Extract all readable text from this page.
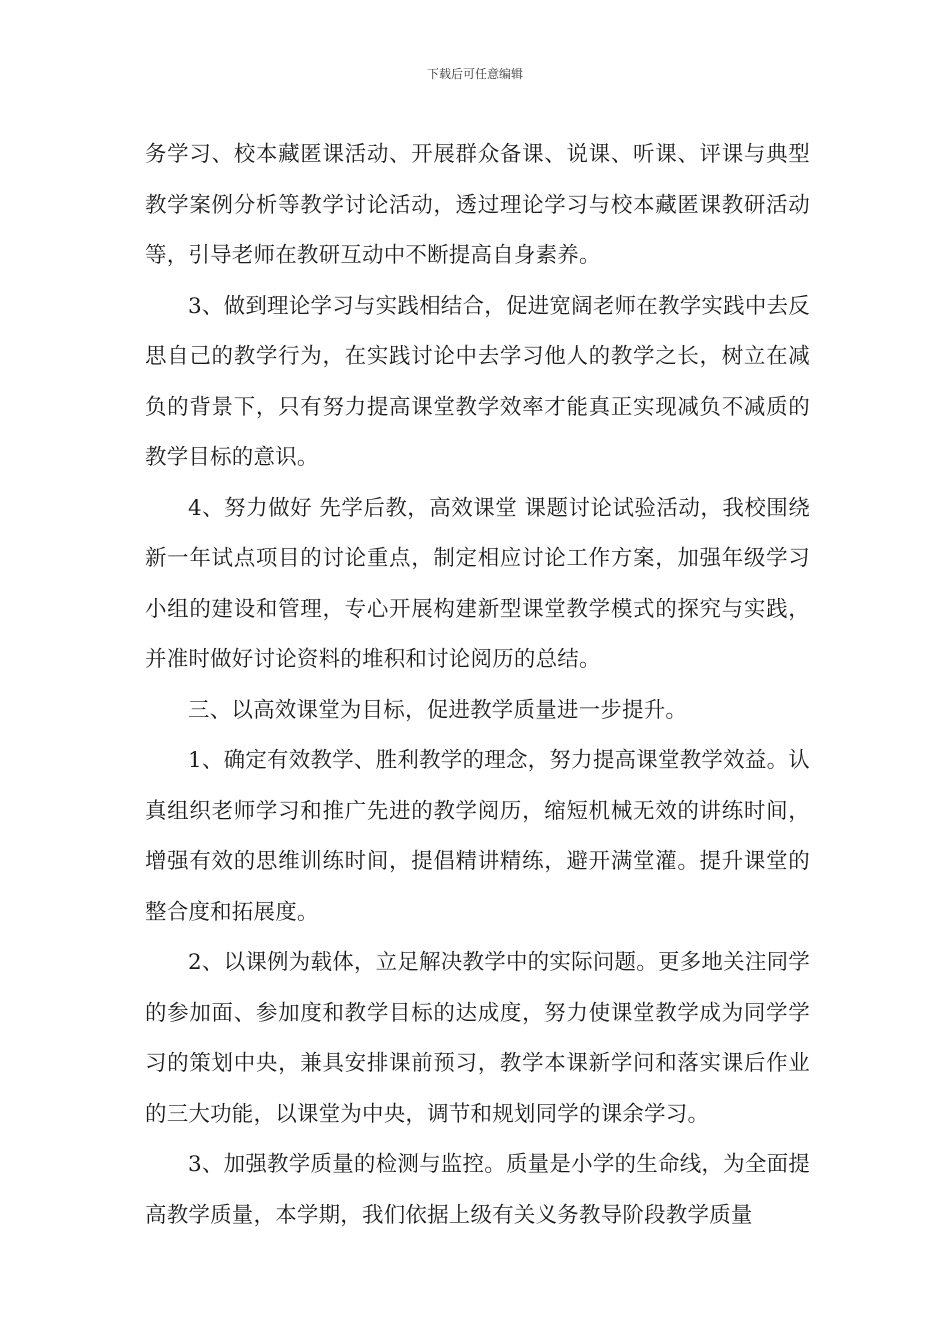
下载后可任意编辑

务学习、校本藏匿课活动、开展群众备课、说课、听课、评课与典型教学案例分析等教学讨论活动，透过理论学习与校本藏匿课教研活动等，引导老师在教研互动中不断提高自身素养。

3、做到理论学习与实践相结合，促进宽阔老师在教学实践中去反思自己的教学行为，在实践讨论中去学习他人的教学之长，树立在减负的背景下，只有努力提高课堂教学效率才能真正实现减负不减质的教学目标的意识。

4、努力做好 先学后教，高效课堂 课题讨论试验活动，我校围绕新一年试点项目的讨论重点，制定相应讨论工作方案，加强年级学习小组的建设和管理，专心开展构建新型课堂教学模式的探究与实践，并准时做好讨论资料的堆积和讨论阅历的总结。

三、以高效课堂为目标，促进教学质量进一步提升。

1、确定有效教学、胜利教学的理念，努力提高课堂教学效益。认真组织老师学习和推广先进的教学阅历，缩短机械无效的讲练时间，增强有效的思维训练时间，提倡精讲精练，避开满堂灌。提升课堂的整合度和拓展度。

2、以课例为载体，立足解决教学中的实际问题。更多地关注同学的参加面、参加度和教学目标的达成度，努力使课堂教学成为同学学习的策划中央，兼具安排课前预习，教学本课新学问和落实课后作业的三大功能，以课堂为中央，调节和规划同学的课余学习。

3、加强教学质量的检测与监控。质量是小学的生命线，为全面提高教学质量，本学期，我们依据上级有关义务教导阶段教学质量
